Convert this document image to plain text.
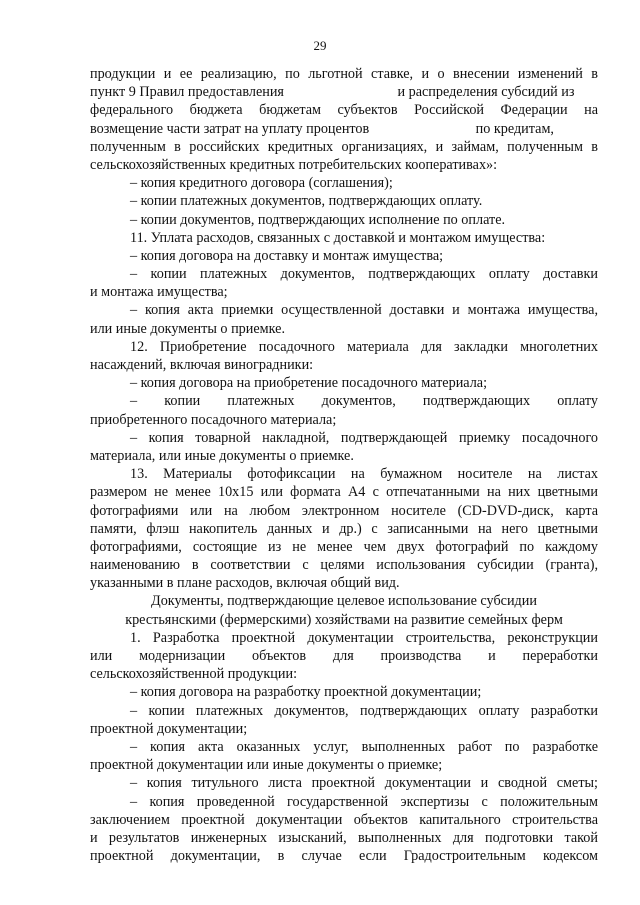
29
продукции и ее реализацию, по льготной ставке, и о внесении изменений в
пункт 9 Правил предоставления                                и распределения субсидий из
федерального бюджета бюджетам субъектов Российской Федерации на
возмещение части затрат на уплату процентов                              по кредитам,
полученным в российских кредитных организациях, и займам, полученным в
сельскохозяйственных кредитных потребительских кооперативах»:
– копия кредитного договора (соглашения);
– копии платежных документов, подтверждающих оплату.
– копии документов, подтверждающих исполнение по оплате.
11. Уплата расходов, связанных с доставкой и монтажом имущества:
– копия договора на доставку и монтаж имущества;
– копии платежных документов, подтверждающих оплату доставки
и монтажа имущества;
– копия акта приемки осуществленной доставки и монтажа имущества,
или иные документы о приемке.
12. Приобретение посадочного материала для закладки многолетних
насаждений, включая виноградники:
– копия договора на приобретение посадочного материала;
– копии платежных документов, подтверждающих оплату
приобретенного посадочного материала;
– копия товарной накладной, подтверждающей приемку посадочного
материала, или иные документы о приемке.
13. Материалы фотофиксации на бумажном носителе на листах
размером не менее 10х15 или формата А4 с отпечатанными на них цветными
фотографиями или на любом электронном носителе (CD-DVD-диск, карта
памяти, флэш накопитель данных и др.) с записанными на него цветными
фотографиями, состоящие из не менее чем двух фотографий по каждому
наименованию в соответствии с целями использования субсидии (гранта),
указанными в плане расходов, включая общий вид.
Документы, подтверждающие целевое использование субсидии
крестьянскими (фермерскими) хозяйствами на развитие семейных ферм
1. Разработка проектной документации строительства, реконструкции
или модернизации объектов для производства и переработки
сельскохозяйственной продукции:
– копия договора на разработку проектной документации;
– копии платежных документов, подтверждающих оплату разработки
проектной документации;
– копия акта оказанных услуг, выполненных работ по разработке
проектной документации или иные документы о приемке;
– копия титульного листа проектной документации и сводной сметы;
– копия проведенной государственной экспертизы с положительным
заключением проектной документации объектов капитального строительства
и результатов инженерных изысканий, выполненных для подготовки такой
проектной документации, в случае если Градостроительным кодексом
